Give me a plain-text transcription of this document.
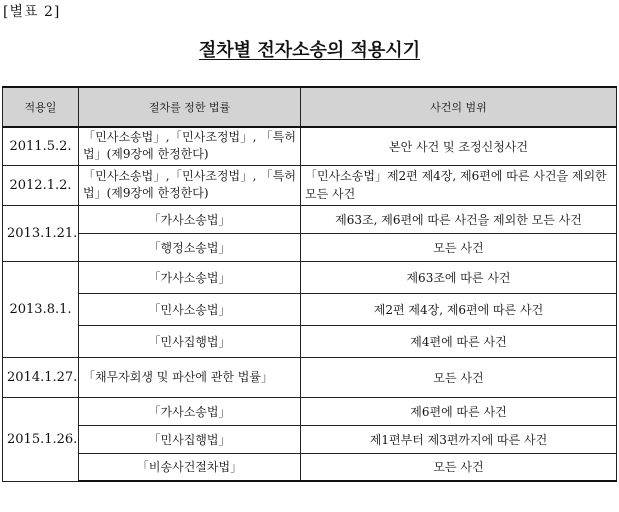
[별표 2]
절차별 전자소송의 적용시기
적용일	절차를 정한 법률	사건의 범위
2011.5.2.	「민사소송법」,「민사조정법」, 「특허법」(제9장에 한정한다)	본안 사건 및 조정신청사건
2012.1.2.	「민사소송법」,「민사조정법」, 「특허법」(제9장에 한정한다)	「민사소송법」제2편 제4장, 제6편에 따른 사건을 제외한 모든 사건
2013.1.21.	「가사소송법」	제63조, 제6편에 따른 사건을 제외한 모든 사건
	「행정소송법」	모든 사건
2013.8.1.	「가사소송법」	제63조에 따른 사건
	「민사소송법」	제2편 제4장, 제6편에 따른 사건
	「민사집행법」	제4편에 따른 사건
2014.1.27.	「채무자회생 및 파산에 관한 법률」	모든 사건
2015.1.26.	「가사소송법」	제6편에 따른 사건
	「민사집행법」	제1편부터 제3편까지에 따른 사건
	「비송사건절차법」	모든 사건
